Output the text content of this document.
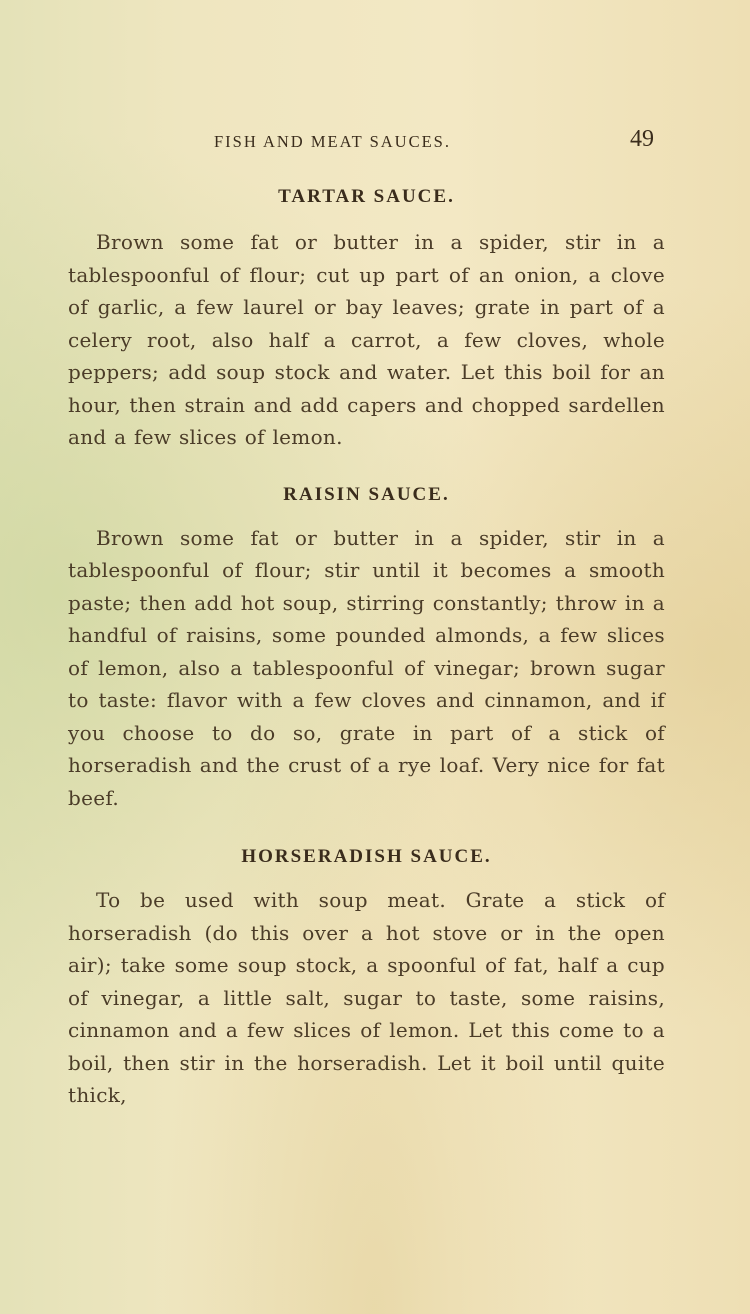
FISH AND MEAT SAUCES.	49
TARTAR SAUCE.

Brown some fat or butter in a spider, stir in a tablespoonful of flour; cut up part of an onion, a clove of garlic, a few laurel or bay leaves; grate in part of a celery root, also half a carrot, a few cloves, whole peppers; add soup stock and water. Let this boil for an hour, then strain and add capers and chopped sardellen and a few slices of lemon.

RAISIN SAUCE.

Brown some fat or butter in a spider, stir in a tablespoonful of flour; stir until it becomes a smooth paste; then add hot soup, stirring constantly; throw in a handful of raisins, some pounded almonds, a few slices of lemon, also a tablespoonful of vinegar; brown sugar to taste: flavor with a few cloves and cinnamon, and if you choose to do so, grate in part of a stick of horseradish and the crust of a rye loaf. Very nice for fat beef.

HORSERADISH SAUCE.

To be used with soup meat. Grate a stick of horseradish (do this over a hot stove or in the open air); take some soup stock, a spoonful of fat, half a cup of vinegar, a little salt, sugar to taste, some raisins, cinnamon and a few slices of lemon. Let this come to a boil, then stir in the horseradish. Let it boil until quite thick,
